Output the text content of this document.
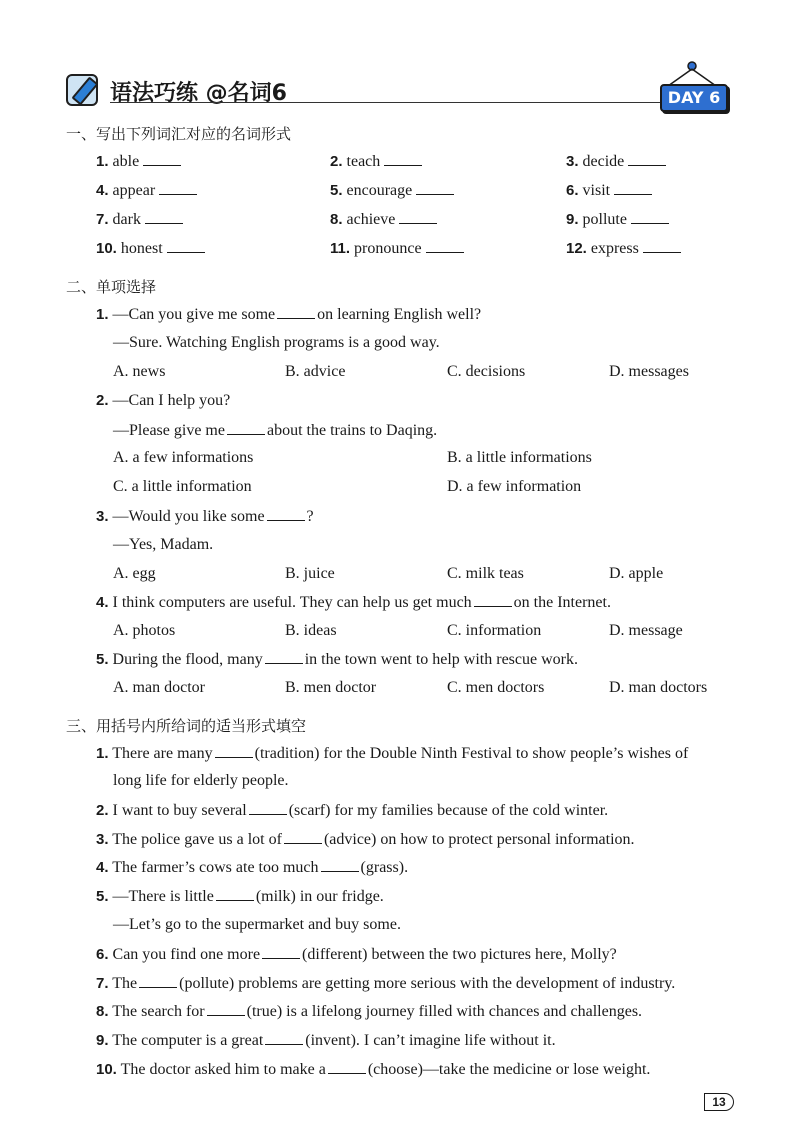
语法巧练 @名词6	DAY 6
一、写出下列词汇对应的名词形式
1. able	2. teach	3. decide
4. appear	5. encourage	6. visit
7. dark	8. achieve	9. pollute
10. honest	11. pronounce	12. express
二、单项选择
1. —Can you give me some	on learning English well?
—Sure. Watching English programs is a good way.
A. news	B. advice	C. decisions	D. messages
2. —Can I help you?
—Please give me	about the trains to Daqing.
A. a few informations	B. a little informations
C. a little information	D. a few information
3. —Would you like some	?
—Yes, Madam.
A. egg	B. juice	C. milk teas	D. apple
4. I think computers are useful. They can help us get much	on the Internet.
A. photos	B. ideas	C. information	D. message
5. During the flood, many	in the town went to help with rescue work.
A. man doctor	B. men doctor	C. men doctors	D. man doctors
三、用括号内所给词的适当形式填空
1. There are many	(tradition) for the Double Ninth Festival to show people’s wishes of
long life for elderly people.
2. I want to buy several	(scarf) for my families because of the cold winter.
3. The police gave us a lot of	(advice) on how to protect personal information.
4. The farmer’s cows ate too much	(grass).
5. —There is little	(milk) in our fridge.
—Let’s go to the supermarket and buy some.
6. Can you find one more	(different) between the two pictures here, Molly?
7. The	(pollute) problems are getting more serious with the development of industry.
8. The search for	(true) is a lifelong journey filled with chances and challenges.
9. The computer is a great	(invent). I can’t imagine life without it.
10. The doctor asked him to make a	(choose)—take the medicine or lose weight.
13
